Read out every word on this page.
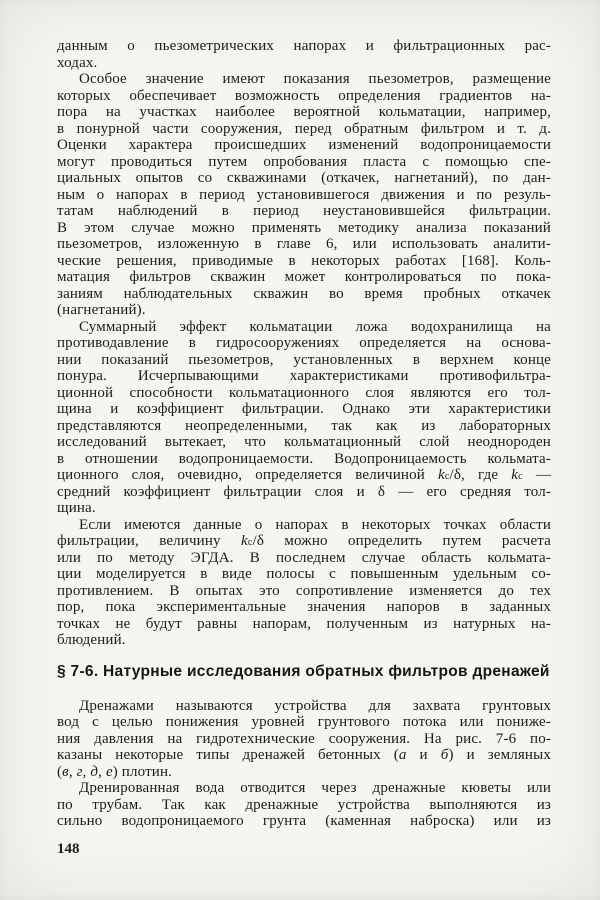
данным о пьезометрических напорах и фильтрационных рас-
ходах.
Особое значение имеют показания пьезометров, размещение
которых обеспечивает возможность определения градиентов на-
пора на участках наиболее вероятной кольматации, например,
в понурной части сооружения, перед обратным фильтром и т. д.
Оценки характера происшедших изменений водопроницаемости
могут проводиться путем опробования пласта с помощью спе-
циальных опытов со скважинами (откачек, нагнетаний), по дан-
ным о напорах в период установившегося движения и по резуль-
татам наблюдений в период неустановившейся фильтрации.
В этом случае можно применять методику анализа показаний
пьезометров, изложенную в главе 6, или использовать аналити-
ческие решения, приводимые в некоторых работах [168]. Коль-
матация фильтров скважин может контролироваться по пока-
заниям наблюдательных скважин во время пробных откачек
(нагнетаний).
Суммарный эффект кольматации ложа водохранилища на
противодавление в гидросооружениях определяется на основа-
нии показаний пьезометров, установленных в верхнем конце
понура. Исчерпывающими характеристиками противофильтра-
ционной способности кольматационного слоя являются его тол-
щина и коэффициент фильтрации. Однако эти характеристики
представляются неопределенными, так как из лабораторных
исследований вытекает, что кольматационный слой неоднороден
в отношении водопроницаемости. Водопроницаемость кольмата-
ционного слоя, очевидно, определяется величиной $k_с/\delta$, где $k_с$ —
средний коэффициент фильтрации слоя и δ — его средняя тол-
щина.
Если имеются данные о напорах в некоторых точках области
фильтрации, величину $k_с/\delta$ можно определить путем расчета
или по методу ЭГДА. В последнем случае область кольмата-
ции моделируется в виде полосы с повышенным удельным со-
противлением. В опытах это сопротивление изменяется до тех
пор, пока экспериментальные значения напоров в заданных
точках не будут равны напорам, полученным из натурных на-
блюдений.
§ 7-6. Натурные исследования обратных фильтров дренажей
Дренажами называются устройства для захвата грунтовых
вод с целью понижения уровней грунтового потока или пониже-
ния давления на гидротехнические сооружения. На рис. 7-6 по-
казаны некоторые типы дренажей бетонных (а и б) и земляных
(в, г, д, е) плотин.
Дренированная вода отводится через дренажные кюветы или
по трубам. Так как дренажные устройства выполняются из
сильно водопроницаемого грунта (каменная наброска) или из
148
